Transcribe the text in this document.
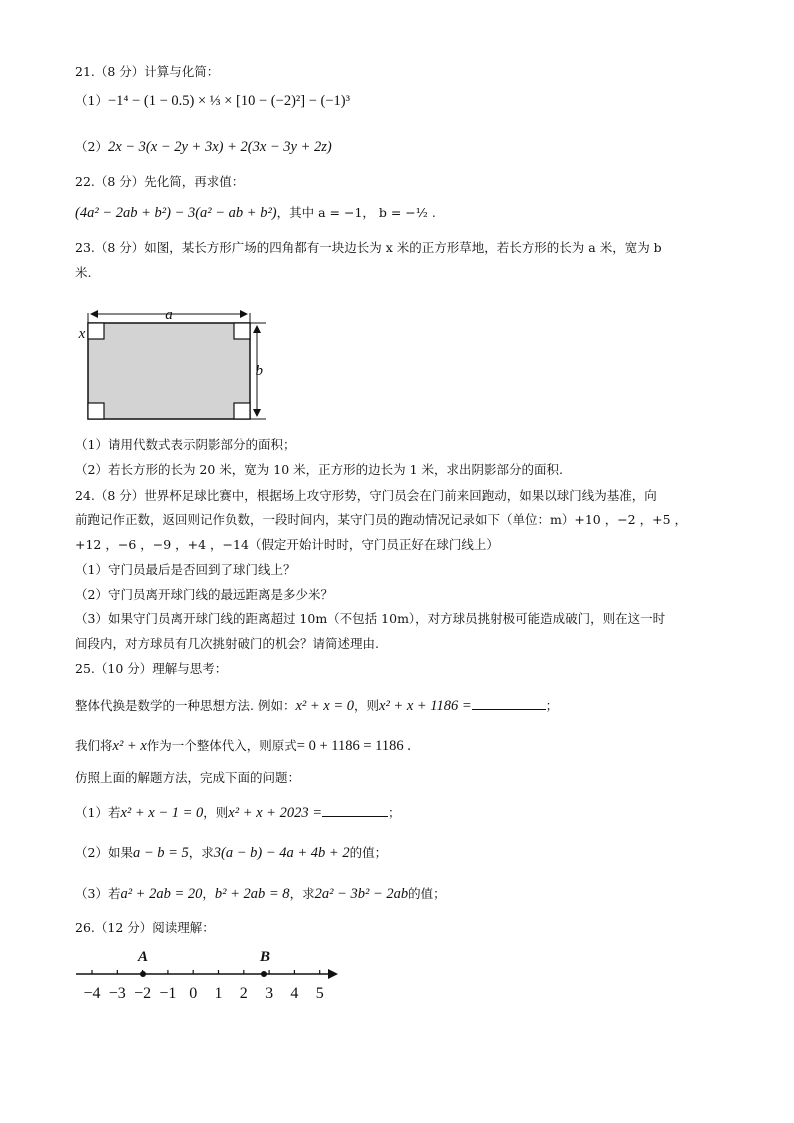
21.（8 分）计算与化简：
（1）−1⁴ − (1 − 0.5) × ⅓ × [10 − (−2)²] − (−1)³
（2）2x − 3(x − 2y + 3x) + 2(3x − 3y + 2z)
22.（8 分）先化简，再求值：
(4a² − 2ab + b²) − 3(a² − ab + b²)，其中 a = −1， b = −½ .
23.（8 分）如图，某长方形广场的四角都有一块边长为 x 米的正方形草地，若长方形的长为 a 米，宽为 b
米.
a
b
x
（1）请用代数式表示阴影部分的面积；
（2）若长方形的长为 20 米，宽为 10 米，正方形的边长为 1 米，求出阴影部分的面积.
24.（8 分）世界杯足球比赛中，根据场上攻守形势，守门员会在门前来回跑动，如果以球门线为基准，向
前跑记作正数，返回则记作负数，一段时间内，某守门员的跑动情况记录如下（单位：m）+10 ，−2 ，+5 ，
+12 ，−6 ，−9 ，+4 ，−14（假定开始计时时，守门员正好在球门线上）
（1）守门员最后是否回到了球门线上？
（2）守门员离开球门线的最远距离是多少米？
（3）如果守门员离开球门线的距离超过 10m（不包括 10m），对方球员挑射极可能造成破门，则在这一时
间段内，对方球员有几次挑射破门的机会？请简述理由.
25.（10 分）理解与思考：
整体代换是数学的一种思想方法. 例如：x² + x = 0，则x² + x + 1186 =	；
我们将x² + x作为一个整体代入，则原式= 0 + 1186 = 1186 .
仿照上面的解题方法，完成下面的问题：
（1）若x² + x − 1 = 0，则x² + x + 2023 =	；
（2）如果a − b = 5，求3(a − b) − 4a + 4b + 2的值；
（3）若a² + 2ab = 20，b² + 2ab = 8，求2a² − 3b² − 2ab的值；
26.（12 分）阅读理解：
A	B
−4 −3 −2 −1 0 1 2 3 4 5
